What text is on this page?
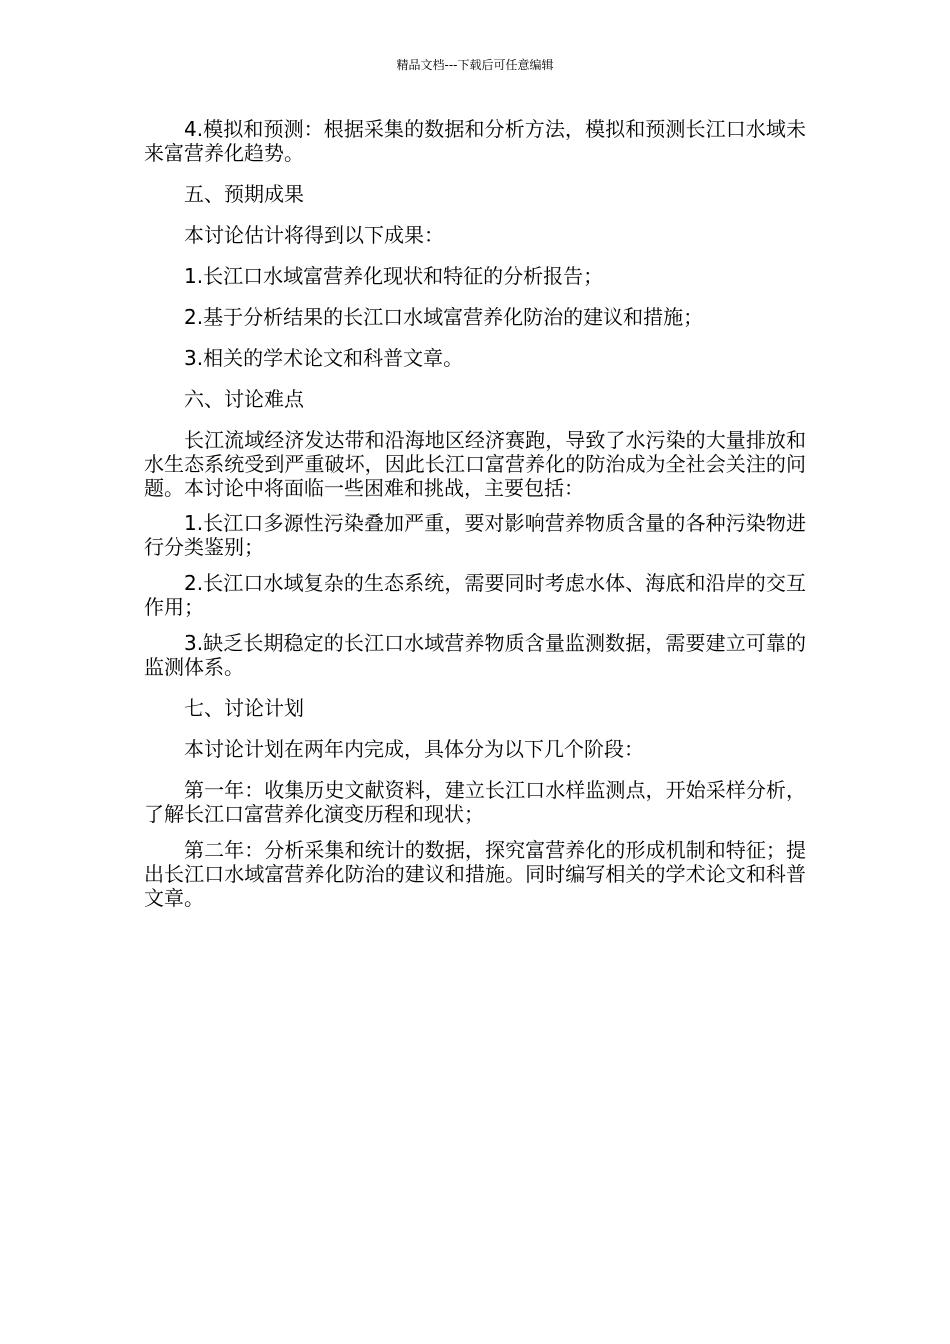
精品文档---下载后可任意编辑

4.模拟和预测：根据采集的数据和分析方法，模拟和预测长江口水域未来富营养化趋势。

五、预期成果

本讨论估计将得到以下成果：

1.长江口水域富营养化现状和特征的分析报告；

2.基于分析结果的长江口水域富营养化防治的建议和措施；

3.相关的学术论文和科普文章。

六、讨论难点

长江流域经济发达带和沿海地区经济赛跑，导致了水污染的大量排放和水生态系统受到严重破坏，因此长江口富营养化的防治成为全社会关注的问题。本讨论中将面临一些困难和挑战，主要包括：

1.长江口多源性污染叠加严重，要对影响营养物质含量的各种污染物进行分类鉴别；

2.长江口水域复杂的生态系统，需要同时考虑水体、海底和沿岸的交互作用；

3.缺乏长期稳定的长江口水域营养物质含量监测数据，需要建立可靠的监测体系。

七、讨论计划

本讨论计划在两年内完成，具体分为以下几个阶段：

第一年：收集历史文献资料，建立长江口水样监测点，开始采样分析，了解长江口富营养化演变历程和现状；

第二年：分析采集和统计的数据，探究富营养化的形成机制和特征；提出长江口水域富营养化防治的建议和措施。同时编写相关的学术论文和科普文章。
